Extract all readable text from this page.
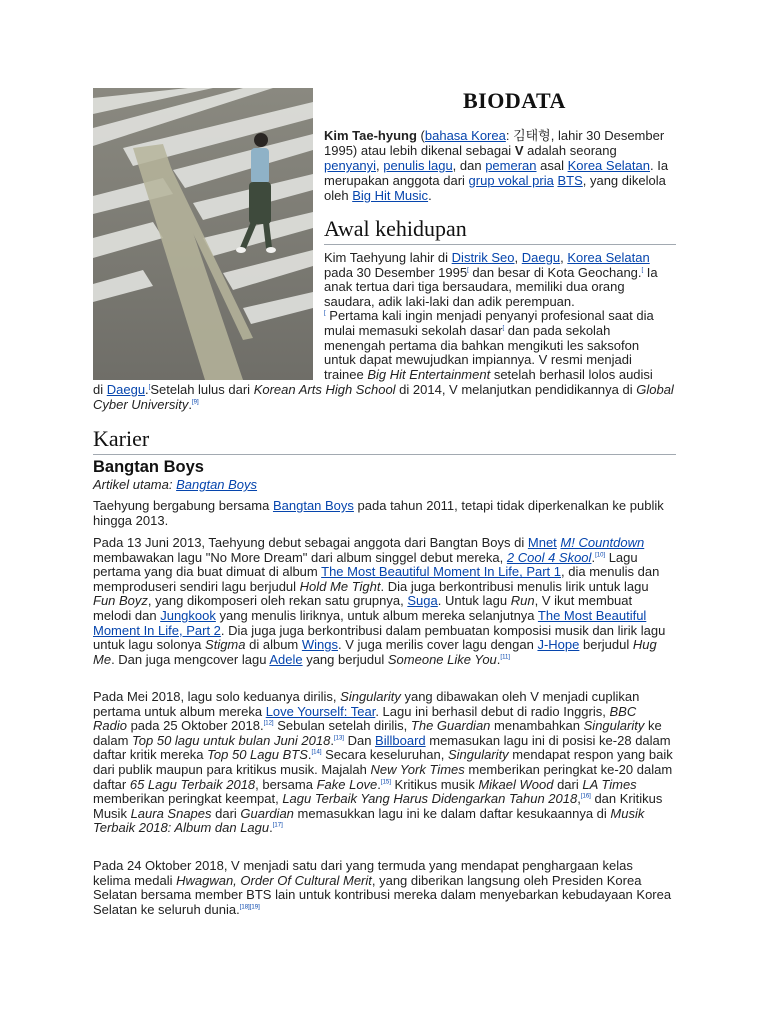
BIODATA

Kim Tae-hyung (bahasa Korea: 김태형, lahir 30 Desember 1995) atau lebih dikenal sebagai V adalah seorang penyanyi, penulis lagu, dan pemeran asal Korea Selatan. Ia merupakan anggota dari grup vokal pria BTS, yang dikelola oleh Big Hit Music.

Awal kehidupan

Kim Taehyung lahir di Distrik Seo, Daegu, Korea Selatan pada 30 Desember 1995[ dan besar di Kota Geochang.[ Ia anak tertua dari tiga bersaudara, memiliki dua orang saudara, adik laki-laki dan adik perempuan.
[ Pertama kali ingin menjadi penyanyi profesional saat dia mulai memasuki sekolah dasar[ dan pada sekolah menengah pertama dia bahkan mengikuti les saksofon untuk dapat mewujudkan impiannya. V resmi menjadi trainee Big Hit Entertainment setelah berhasil lolos audisi

di Daegu.[Setelah lulus dari Korean Arts High School di 2014, V melanjutkan pendidikannya di Global Cyber University.[9]

Karier
Bangtan Boys
Artikel utama: Bangtan Boys

Taehyung bergabung bersama Bangtan Boys pada tahun 2011, tetapi tidak diperkenalkan ke publik hingga 2013.

Pada 13 Juni 2013, Taehyung debut sebagai anggota dari Bangtan Boys di Mnet M! Countdown membawakan lagu "No More Dream" dari album singgel debut mereka, 2 Cool 4 Skool.[10] Lagu pertama yang dia buat dimuat di album The Most Beautiful Moment In Life, Part 1, dia menulis dan memproduseri sendiri lagu berjudul Hold Me Tight. Dia juga berkontribusi menulis lirik untuk lagu Fun Boyz, yang dikomposeri oleh rekan satu grupnya, Suga. Untuk lagu Run, V ikut membuat melodi dan Jungkook yang menulis liriknya, untuk album mereka selanjutnya The Most Beautiful Moment In Life, Part 2. Dia juga juga berkontribusi dalam pembuatan komposisi musik dan lirik lagu untuk lagu solonya Stigma di album Wings. V juga merilis cover lagu dengan J-Hope berjudul Hug Me. Dan juga mengcover lagu Adele yang berjudul Someone Like You.[11]

Pada Mei 2018, lagu solo keduanya dirilis, Singularity yang dibawakan oleh V menjadi cuplikan pertama untuk album mereka Love Yourself: Tear. Lagu ini berhasil debut di radio Inggris, BBC Radio pada 25 Oktober 2018.[12] Sebulan setelah dirilis, The Guardian menambahkan Singularity ke dalam Top 50 lagu untuk bulan Juni 2018.[13] Dan Billboard memasukan lagu ini di posisi ke-28 dalam daftar kritik mereka Top 50 Lagu BTS.[14] Secara keseluruhan, Singularity mendapat respon yang baik dari publik maupun para kritikus musik. Majalah New York Times memberikan peringkat ke-20 dalam daftar 65 Lagu Terbaik 2018, bersama Fake Love.[15] Kritikus musik Mikael Wood dari LA Times memberikan peringkat keempat, Lagu Terbaik Yang Harus Didengarkan Tahun 2018,[16] dan Kritikus Musik Laura Snapes dari Guardian memasukkan lagu ini ke dalam daftar kesukaannya di Musik Terbaik 2018: Album dan Lagu.[17]

Pada 24 Oktober 2018, V menjadi satu dari yang termuda yang mendapat penghargaan kelas kelima medali Hwagwan, Order Of Cultural Merit, yang diberikan langsung oleh Presiden Korea Selatan bersama member BTS lain untuk kontribusi mereka dalam menyebarkan kebudayaan Korea Selatan ke seluruh dunia.[18][19]
